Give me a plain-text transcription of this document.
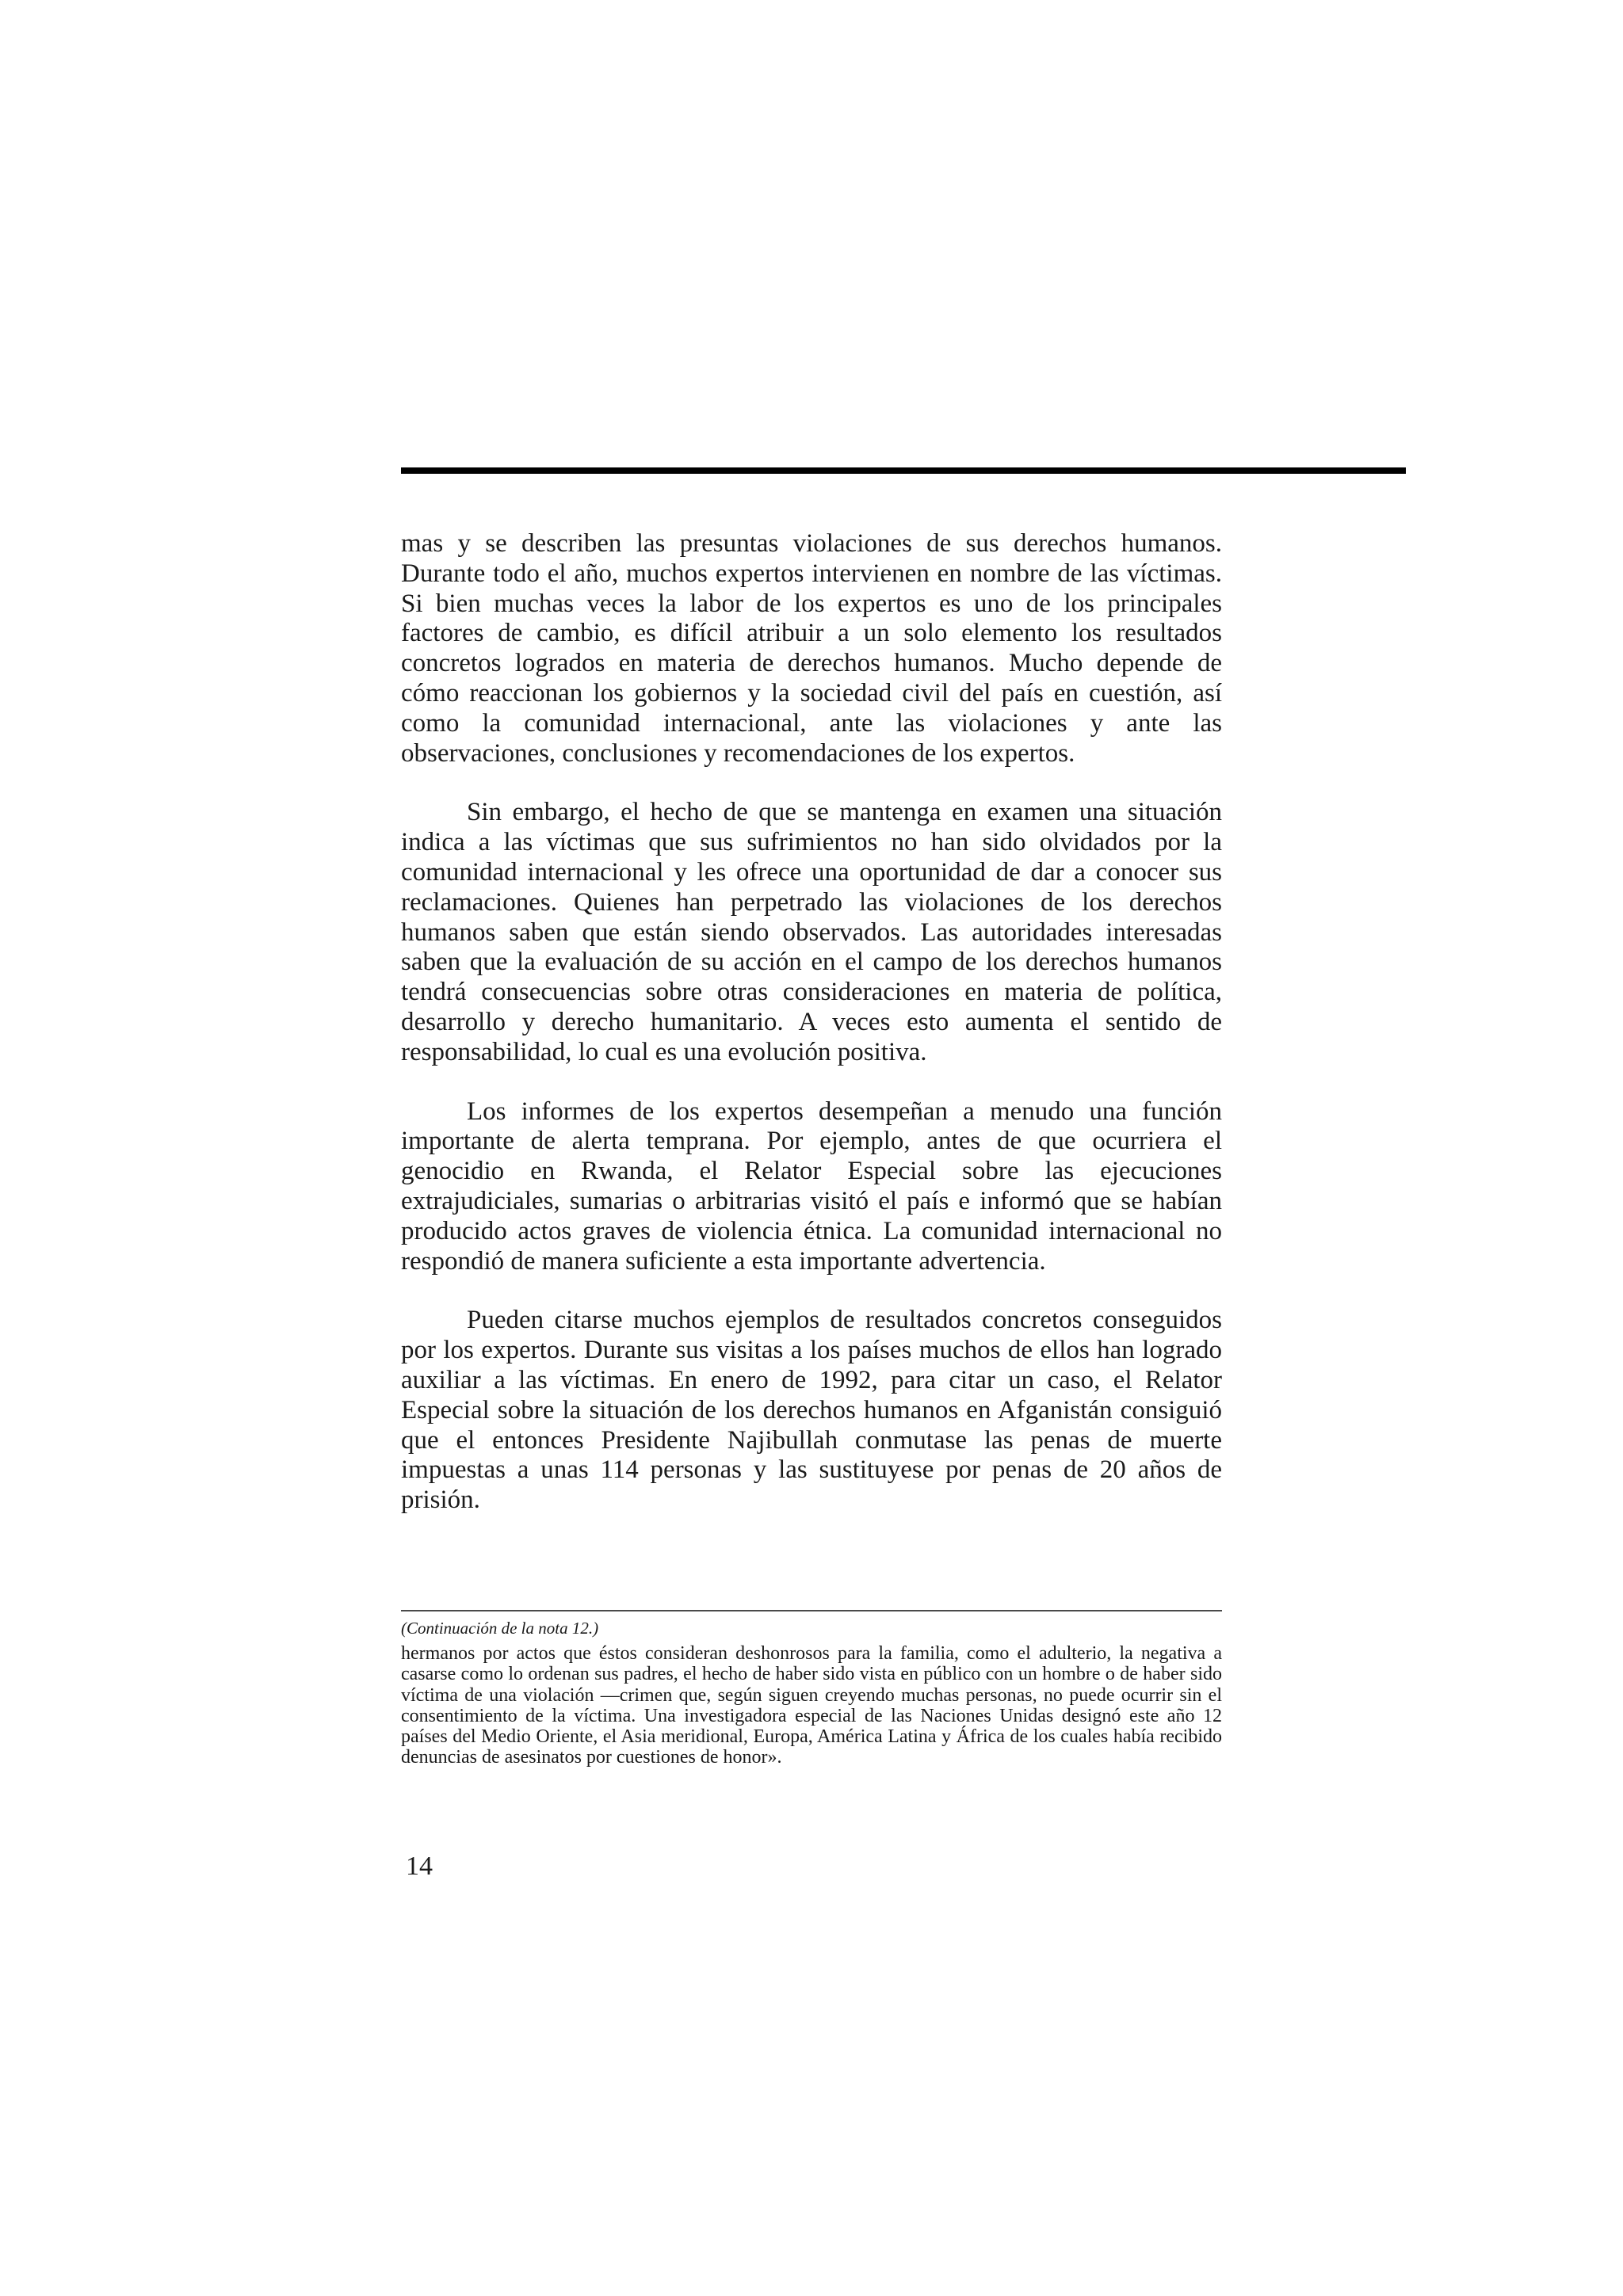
mas y se describen las presuntas violaciones de sus derechos humanos. Durante todo el año, muchos expertos intervienen en nombre de las víctimas. Si bien muchas veces la labor de los expertos es uno de los principales factores de cambio, es difícil atribuir a un solo elemento los resultados concretos logrados en materia de derechos humanos. Mucho depende de cómo reaccionan los gobiernos y la sociedad civil del país en cuestión, así como la comunidad internacional, ante las violaciones y ante las observaciones, conclusiones y recomendaciones de los expertos.

Sin embargo, el hecho de que se mantenga en examen una situación indica a las víctimas que sus sufrimientos no han sido olvidados por la comunidad internacional y les ofrece una oportunidad de dar a conocer sus reclamaciones. Quienes han perpetrado las violaciones de los derechos humanos saben que están siendo observados. Las autoridades interesadas saben que la evaluación de su acción en el campo de los derechos humanos tendrá consecuencias sobre otras consideraciones en materia de política, desarrollo y derecho humanitario. A veces esto aumenta el sentido de responsabilidad, lo cual es una evolución positiva.

Los informes de los expertos desempeñan a menudo una función importante de alerta temprana. Por ejemplo, antes de que ocurriera el genocidio en Rwanda, el Relator Especial sobre las ejecuciones extrajudiciales, sumarias o arbitrarias visitó el país e informó que se habían producido actos graves de violencia étnica. La comunidad internacional no respondió de manera suficiente a esta importante advertencia.

Pueden citarse muchos ejemplos de resultados concretos conseguidos por los expertos. Durante sus visitas a los países muchos de ellos han logrado auxiliar a las víctimas. En enero de 1992, para citar un caso, el Relator Especial sobre la situación de los derechos humanos en Afganistán consiguió que el entonces Presidente Najibullah conmutase las penas de muerte impuestas a unas 114 personas y las sustituyese por penas de 20 años de prisión.

(Continuación de la nota 12.)

hermanos por actos que éstos consideran deshonrosos para la familia, como el adulterio, la negativa a casarse como lo ordenan sus padres, el hecho de haber sido vista en público con un hombre o de haber sido víctima de una violación —crimen que, según siguen creyendo muchas personas, no puede ocurrir sin el consentimiento de la víctima. Una investigadora especial de las Naciones Unidas designó este año 12 países del Medio Oriente, el Asia meridional, Europa, América Latina y África de los cuales había recibido denuncias de asesinatos por cuestiones de honor».

14
